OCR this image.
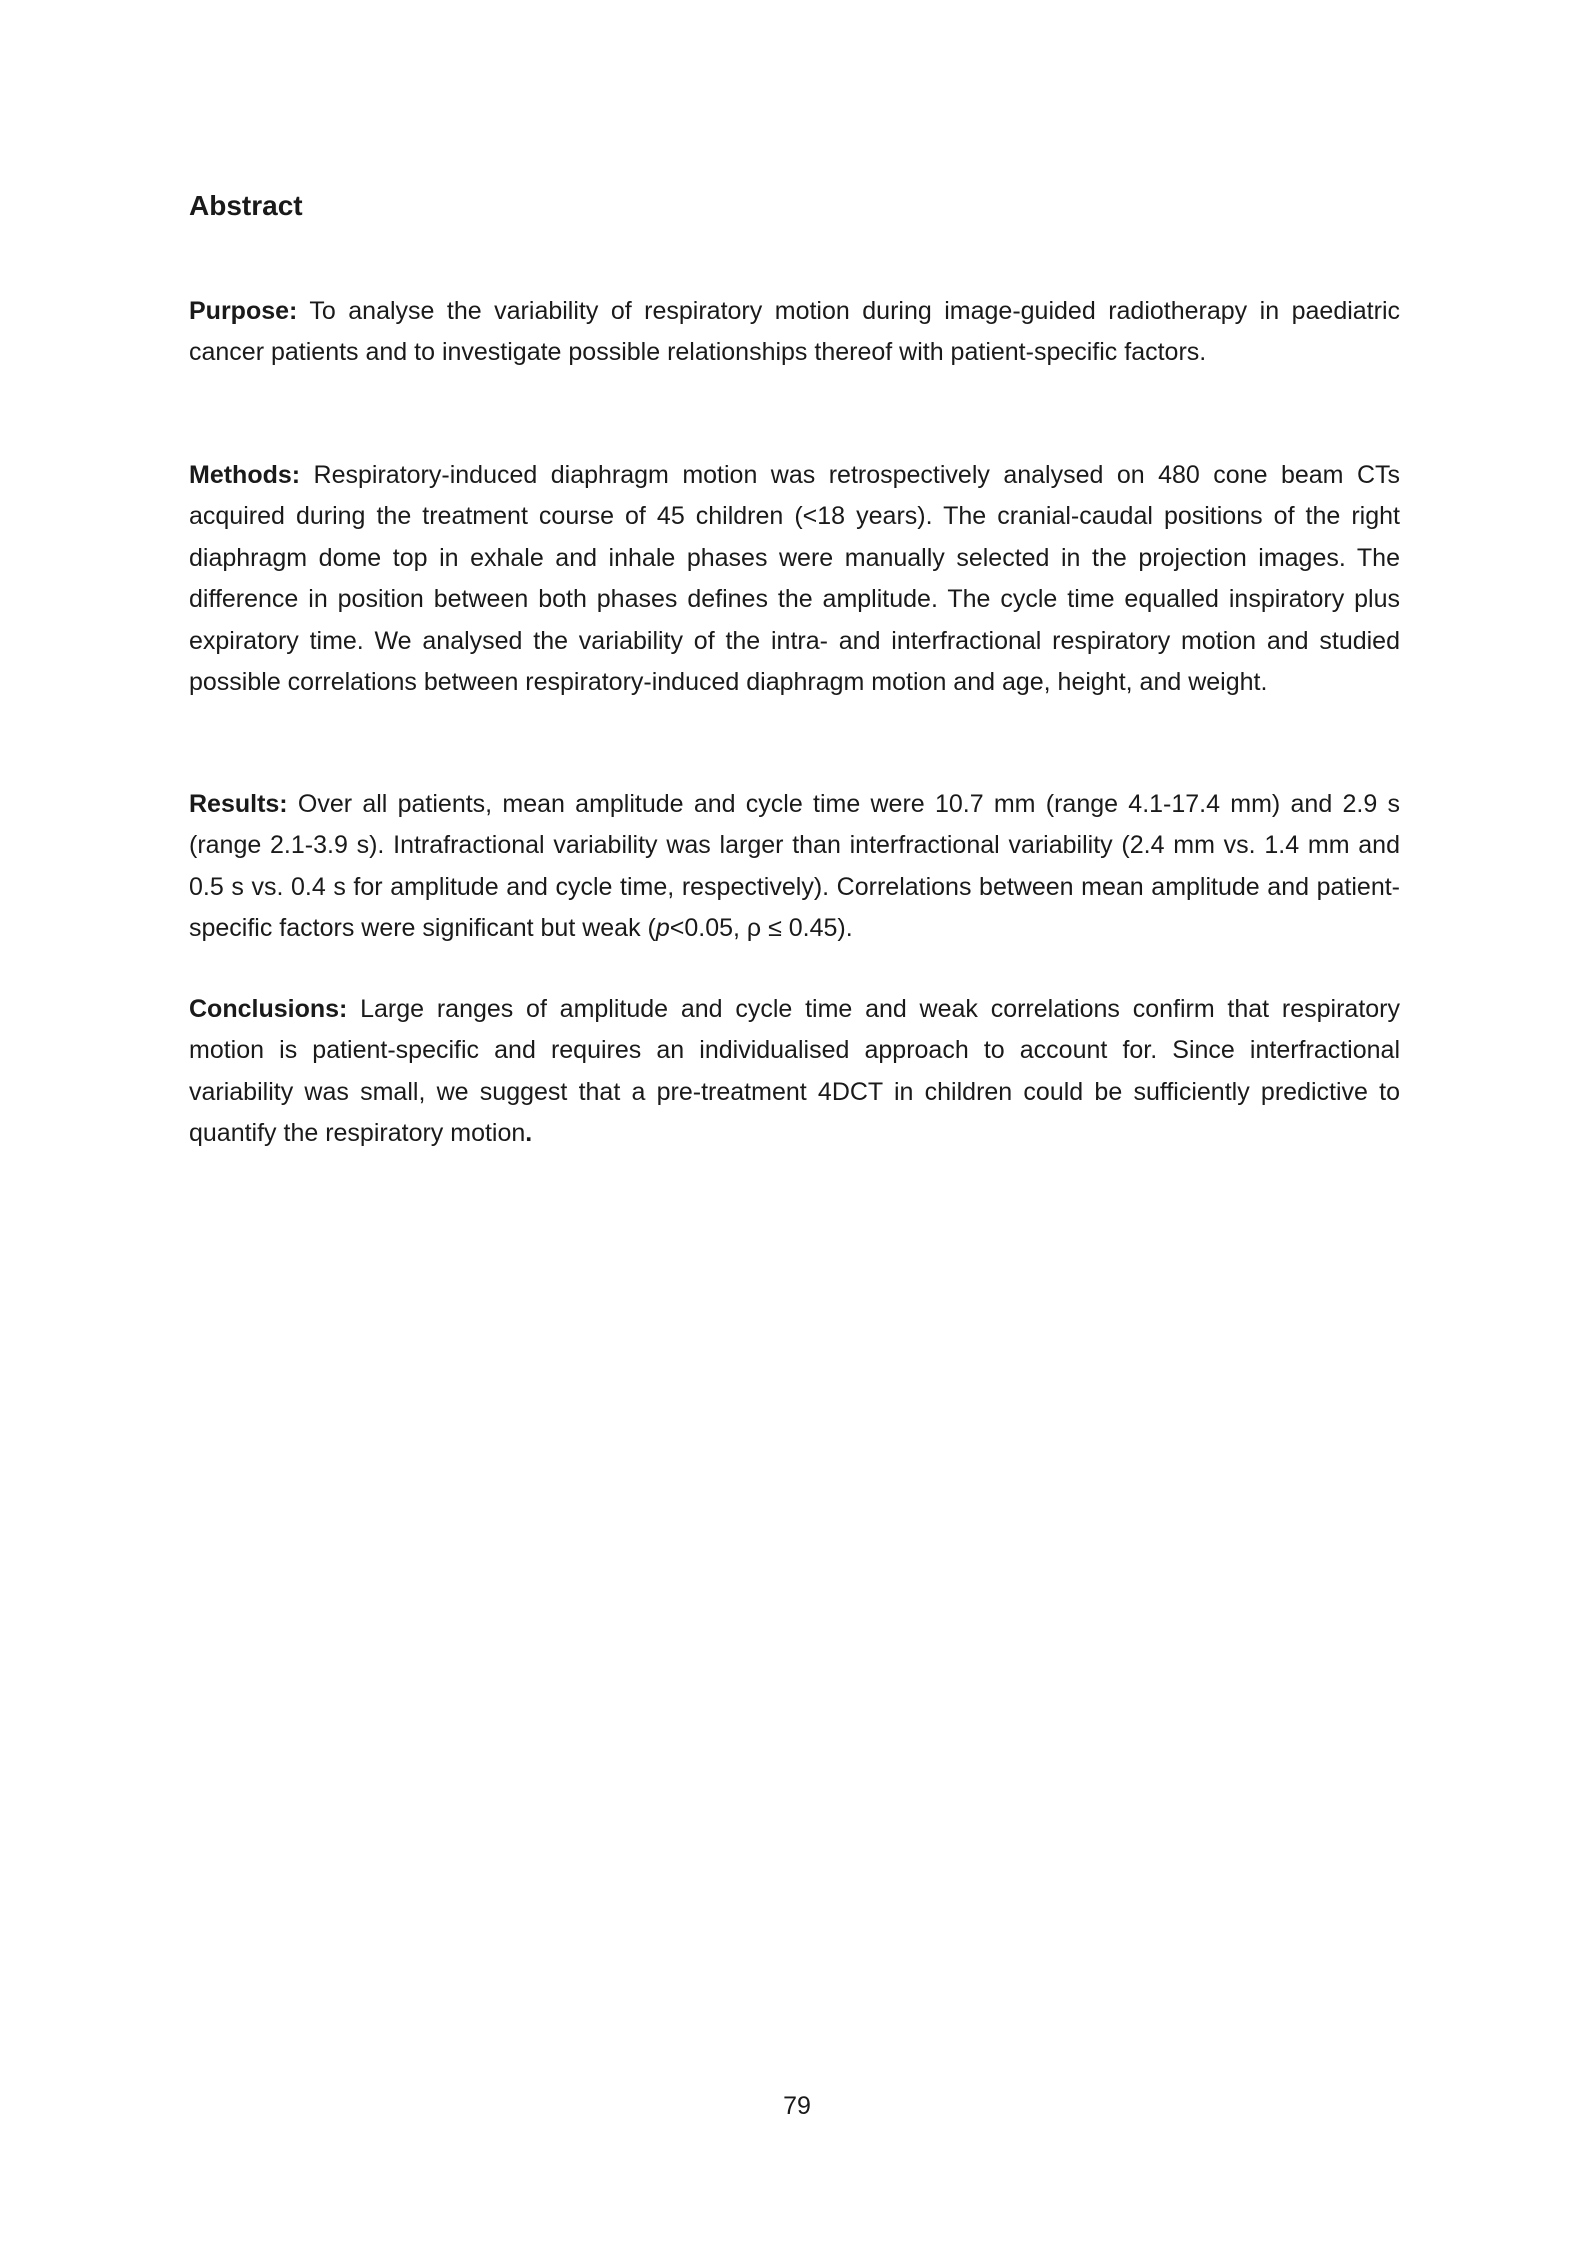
Abstract

Purpose: To analyse the variability of respiratory motion during image-guided radiotherapy in paediatric cancer patients and to investigate possible relationships thereof with patient-specific factors.

Methods: Respiratory-induced diaphragm motion was retrospectively analysed on 480 cone beam CTs acquired during the treatment course of 45 children (<18 years). The cranial-caudal positions of the right diaphragm dome top in exhale and inhale phases were manually selected in the projection images. The difference in position between both phases defines the amplitude. The cycle time equalled inspiratory plus expiratory time. We analysed the variability of the intra- and interfractional respiratory motion and studied possible correlations between respiratory-induced diaphragm motion and age, height, and weight.

Results: Over all patients, mean amplitude and cycle time were 10.7 mm (range 4.1-17.4 mm) and 2.9 s (range 2.1-3.9 s). Intrafractional variability was larger than interfractional variability (2.4 mm vs. 1.4 mm and 0.5 s vs. 0.4 s for amplitude and cycle time, respectively). Correlations between mean amplitude and patient-specific factors were significant but weak (p<0.05, ρ ≤ 0.45).

Conclusions: Large ranges of amplitude and cycle time and weak correlations confirm that respiratory motion is patient-specific and requires an individualised approach to account for. Since interfractional variability was small, we suggest that a pre-treatment 4DCT in children could be sufficiently predictive to quantify the respiratory motion.

79
